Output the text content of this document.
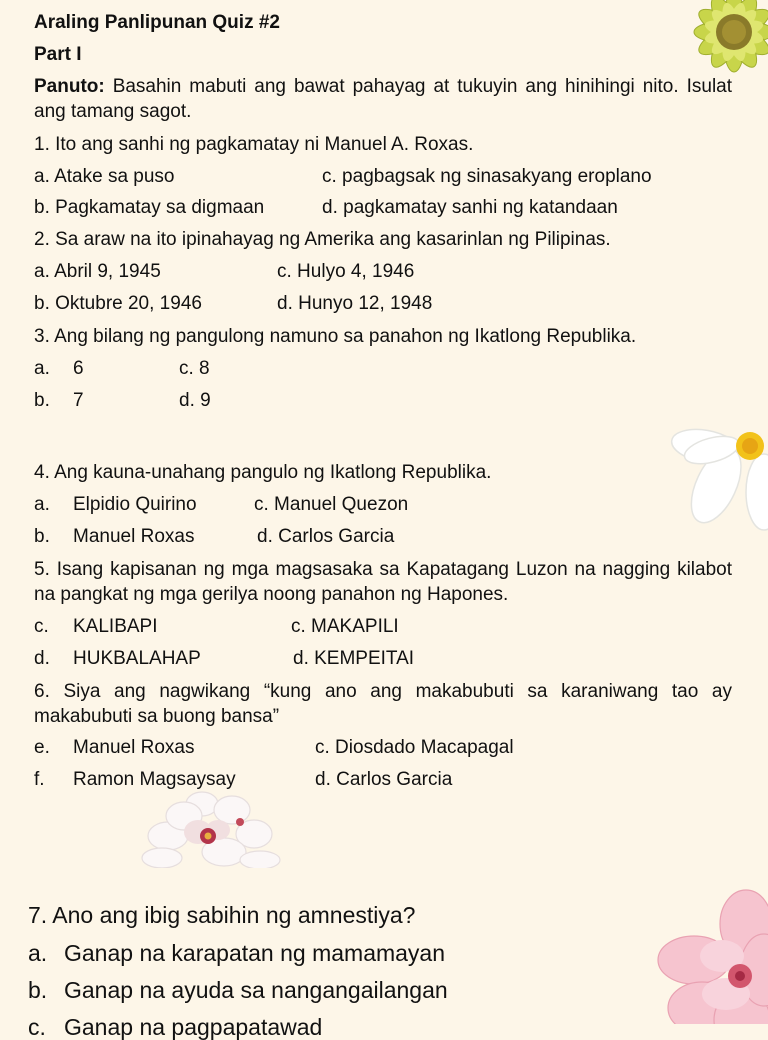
Araling Panlipunan Quiz #2

Part I

Panuto: Basahin mabuti ang bawat pahayag at tukuyin ang hinihingi nito. Isulat ang tamang sagot.

1. Ito ang sanhi ng pagkamatay ni Manuel A. Roxas.

a. Atake sa puso	c. pagbagsak ng sinasakyang eroplano

b. Pagkamatay sa digmaan	d. pagkamatay sanhi ng katandaan

2. Sa araw na ito ipinahayag ng Amerika ang kasarinlan ng Pilipinas.

a. Abril 9, 1945	c. Hulyo 4, 1946

b. Oktubre 20, 1946	d. Hunyo 12, 1948

3. Ang bilang ng pangulong namuno sa panahon ng Ikatlong Republika.

a. 6	c. 8

b. 7	d. 9

4. Ang kauna-unahang pangulo ng Ikatlong Republika.

a. Elpidio Quirino	c. Manuel Quezon

b. Manuel Roxas	d. Carlos Garcia

5. Isang kapisanan ng mga magsasaka sa Kapatagang Luzon na nagging kilabot na pangkat ng mga gerilya noong panahon ng Hapones.

c. KALIBAPI	c. MAKAPILI

d. HUKBALAHAP	d. KEMPEITAI

6. Siya ang nagwikang “kung ano ang makabubuti sa karaniwang tao ay makabubuti sa buong bansa”

e. Manuel Roxas	c. Diosdado Macapagal

f. Ramon Magsaysay	d. Carlos Garcia

7. Ano ang ibig sabihin ng amnestiya?

a. Ganap na karapatan ng mamamayan

b. Ganap na ayuda sa nangangailangan

c. Ganap na pagpapatawad
